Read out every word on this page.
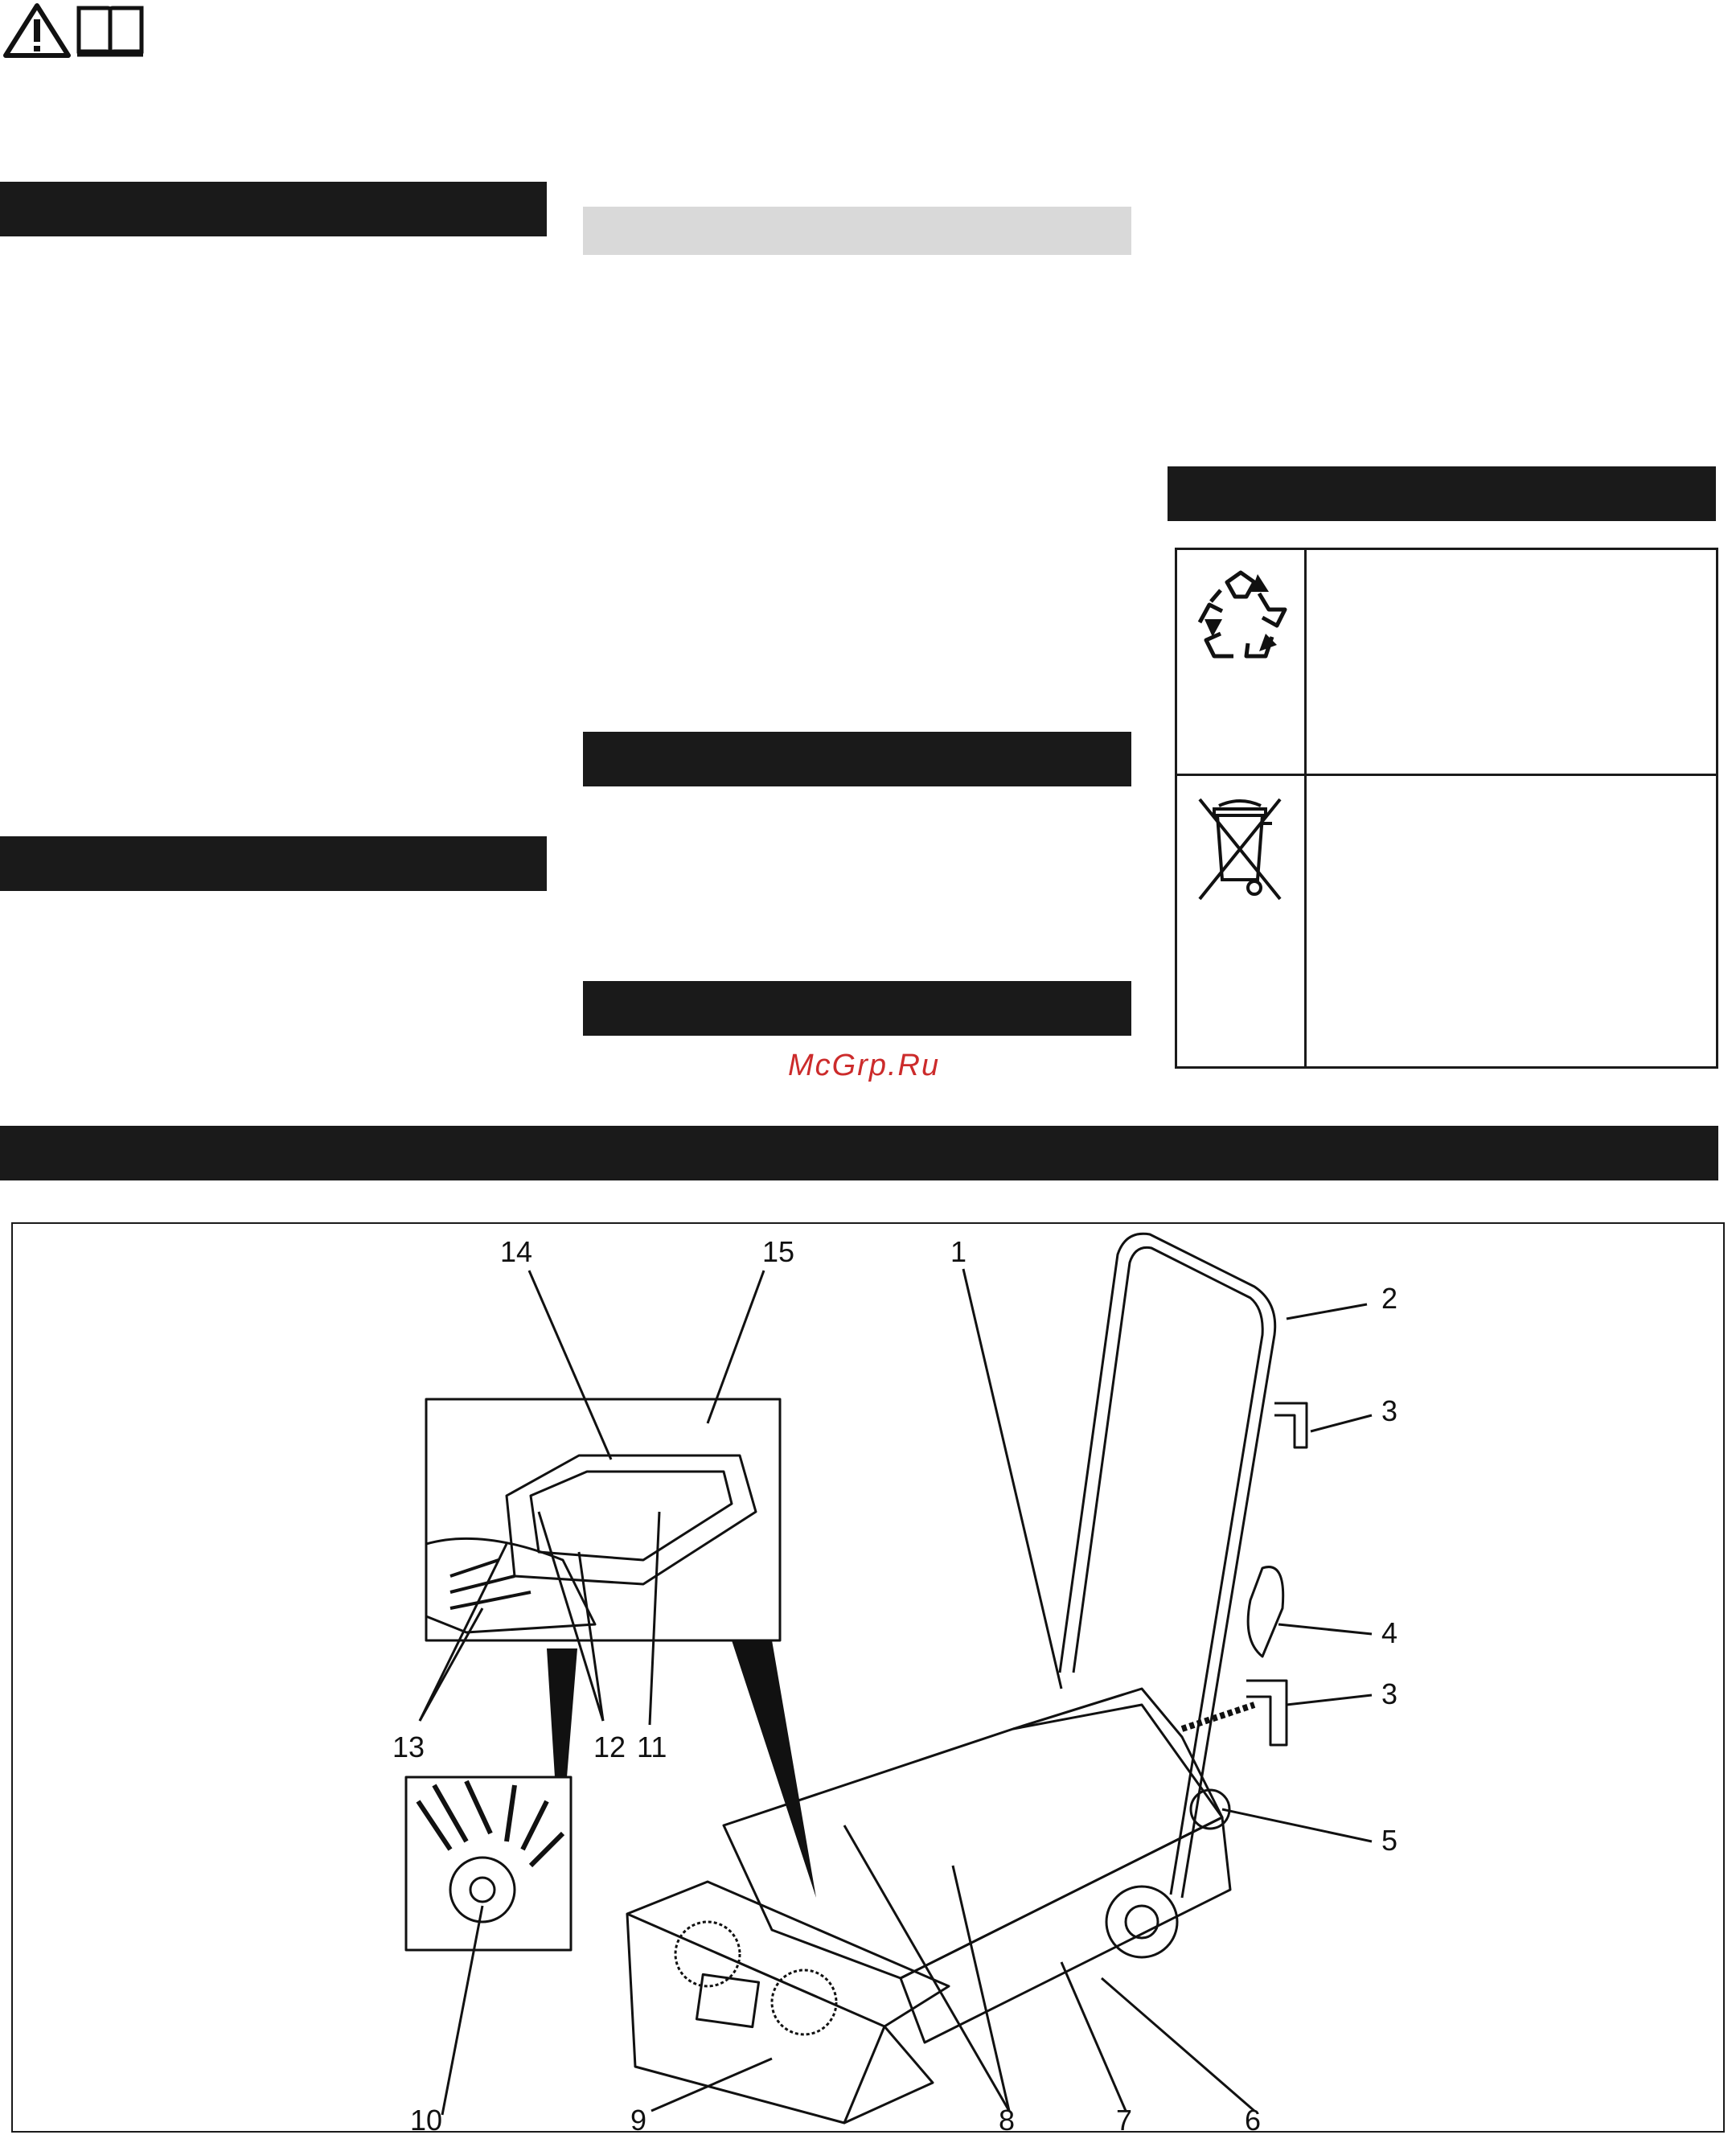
McGrp.Ru
14	15	1
2
3
4
3
5
13	12 11
10	9	8	7	6
